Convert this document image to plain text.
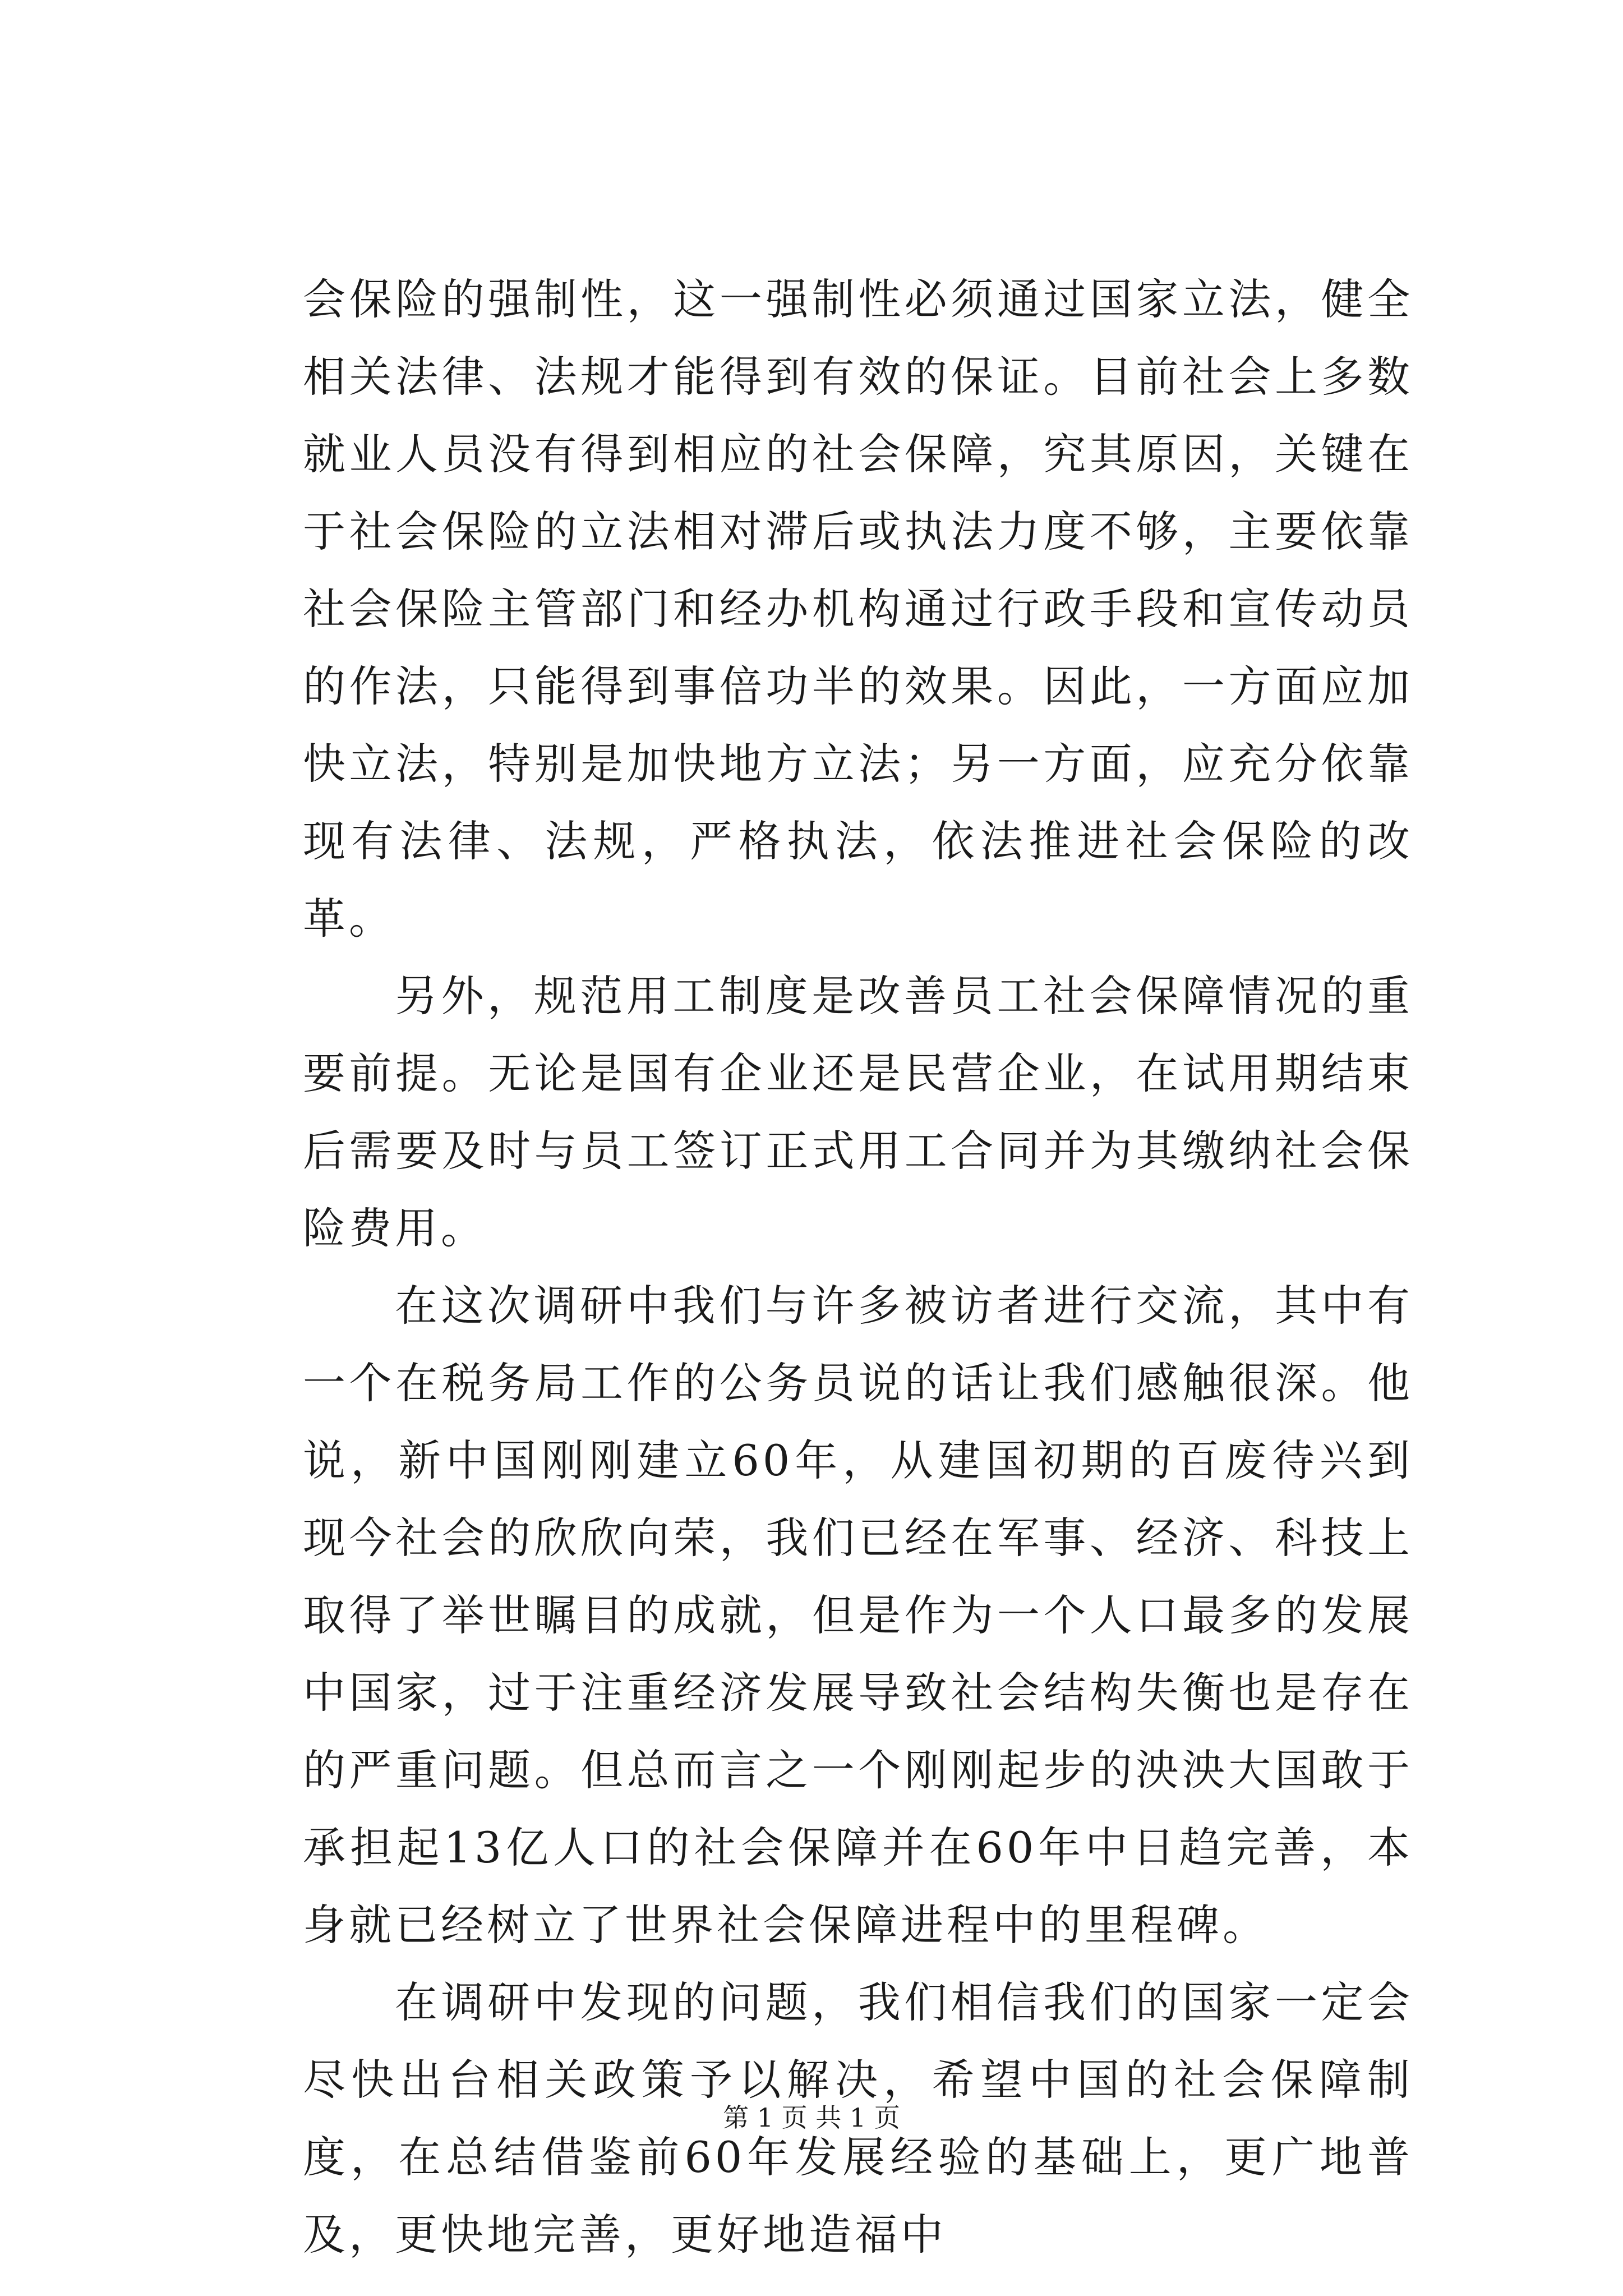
会保险的强制性，这一强制性必须通过国家立法，健全相关法律、法规才能得到有效的保证。目前社会上多数就业人员没有得到相应的社会保障，究其原因，关键在于社会保险的立法相对滞后或执法力度不够，主要依靠社会保险主管部门和经办机构通过行政手段和宣传动员的作法，只能得到事倍功半的效果。因此，一方面应加快立法，特别是加快地方立法；另一方面，应充分依靠现有法律、法规，严格执法，依法推进社会保险的改革。

另外，规范用工制度是改善员工社会保障情况的重要前提。无论是国有企业还是民营企业，在试用期结束后需要及时与员工签订正式用工合同并为其缴纳社会保险费用。

在这次调研中我们与许多被访者进行交流，其中有一个在税务局工作的公务员说的话让我们感触很深。他说，新中国刚刚建立60年，从建国初期的百废待兴到现今社会的欣欣向荣，我们已经在军事、经济、科技上取得了举世瞩目的成就，但是作为一个人口最多的发展中国家，过于注重经济发展导致社会结构失衡也是存在的严重问题。但总而言之一个刚刚起步的泱泱大国敢于承担起13亿人口的社会保障并在60年中日趋完善，本身就已经树立了世界社会保障进程中的里程碑。

在调研中发现的问题，我们相信我们的国家一定会尽快出台相关政策予以解决，希望中国的社会保障制度，在总结借鉴前60年发展经验的基础上，更广地普及，更快地完善，更好地造福中

第 1 页 共 1 页
